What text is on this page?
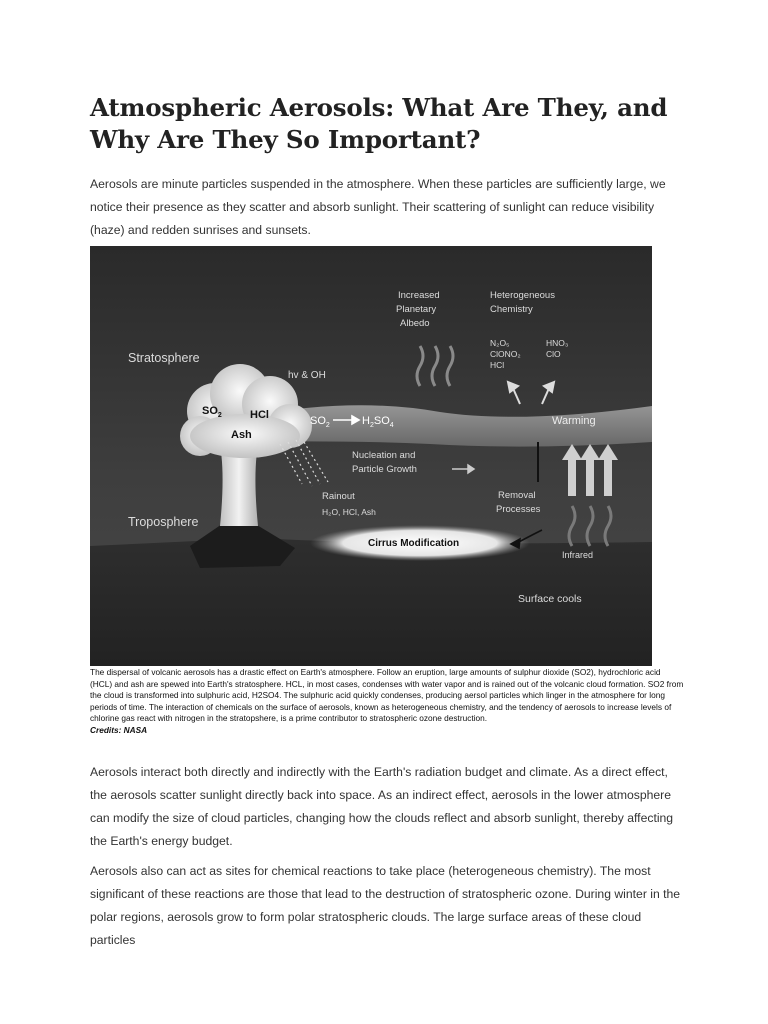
Atmospheric Aerosols: What Are They, and Why Are They So Important?

Aerosols are minute particles suspended in the atmosphere. When these particles are sufficiently large, we notice their presence as they scatter and absorb sunlight. Their scattering of sunlight can reduce visibility (haze) and redden sunrises and sunsets.

Stratosphere
Troposphere
hv & OH
$SO_2$	HCl
Ash
$SO_2$	$H_2SO_4$
Increased
Planetary
Albedo
Heterogeneous
Chemistry
N₂O₅
ClONO₂
HCl
HNO₃
ClO
Warming
Nucleation and
Particle Growth
Rainout
H₂O, HCl, Ash
Removal
Processes
Cirrus Modification
Infrared
Surface cools
The dispersal of volcanic aerosols has a drastic effect on Earth's atmosphere. Follow an eruption, large amounts of sulphur dioxide (SO2), hydrochloric acid (HCL) and ash are spewed into Earth's stratosphere. HCL, in most cases, condenses with water vapor and is rained out of the volcanic cloud formation. SO2 from the cloud is transformed into sulphuric acid, H2SO4. The sulphuric acid quickly condenses, producing aersol particles which linger in the atmosphere for long periods of time. The interaction of chemicals on the surface of aerosols, known as heterogeneous chemistry, and the tendency of aerosols to increase levels of chlorine gas react with nitrogen in the stratopshere, is a prime contributor to stratospheric ozone destruction.
Credits: NASA

Aerosols interact both directly and indirectly with the Earth's radiation budget and climate. As a direct effect, the aerosols scatter sunlight directly back into space. As an indirect effect, aerosols in the lower atmosphere can modify the size of cloud particles, changing how the clouds reflect and absorb sunlight, thereby affecting the Earth's energy budget.

Aerosols also can act as sites for chemical reactions to take place (heterogeneous chemistry). The most significant of these reactions are those that lead to the destruction of stratospheric ozone. During winter in the polar regions, aerosols grow to form polar stratospheric clouds. The large surface areas of these cloud particles
